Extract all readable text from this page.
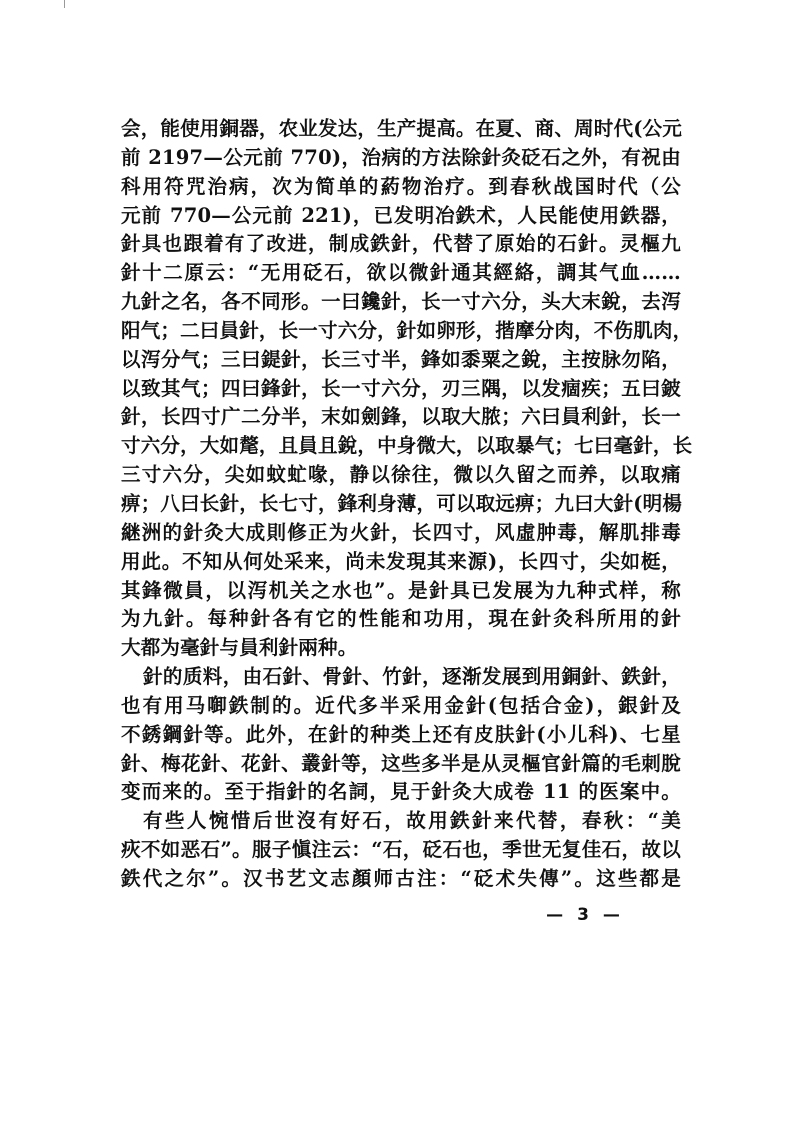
会，能使用銅器，农业发达，生产提高。在夏、商、周时代(公元
前 2197—公元前 770)，治病的方法除針灸砭石之外，有祝由
科用符咒治病，次为简单的葯物治疗。到春秋战国时代（公
元前 770—公元前 221)，已发明冶鉄术，人民能使用鉄器，
針具也跟着有了改进，制成鉄針，代替了原始的石針。灵樞九
針十二原云：“无用砭石，欲以微針通其經絡，調其气血……
九針之名，各不同形。一曰鑱針，长一寸六分，头大末銳，去泻
阳气；二曰員針，长一寸六分，針如卵形，揩摩分肉，不伤肌肉，
以泻分气；三曰鍉針，长三寸半，鋒如黍粟之銳，主按脉勿陷，
以致其气；四曰鋒針，长一寸六分，刃三隅，以发痼疾；五曰鈹
針，长四寸广二分半，末如劍鋒，以取大脓；六曰員利針，长一
寸六分，大如氂，且員且銳，中身微大，以取暴气；七曰毫針，长
三寸六分，尖如蚊虻喙，静以徐往，微以久留之而养，以取痛
痹；八曰长針，长七寸，鋒利身薄，可以取远痹；九曰大針(明楊
継洲的針灸大成則修正为火針，长四寸，风虛肿毒，解肌排毒
用此。不知从何处采来，尚未发現其来源)，长四寸，尖如梃，
其鋒微員，以泻机关之水也”。是針具已发展为九种式样，称
为九針。每种針各有它的性能和功用，現在針灸科所用的針
大都为毫針与員利針兩种。
針的质料，由石針、骨針、竹針，逐渐发展到用銅針、鉄針，
也有用马啣鉄制的。近代多半采用金針(包括合金)，銀針及
不銹鋼針等。此外，在針的种类上还有皮肤針(小儿科)、七星
針、梅花針、花針、叢針等，这些多半是从灵樞官針篇的毛刺脫
变而来的。至于指針的名詞，見于針灸大成卷 11 的医案中。
有些人惋惜后世沒有好石，故用鉄針来代替，春秋：“美
疢不如恶石”。服子愼注云：“石，砭石也，季世无复佳石，故以
鉄代之尔”。汉书艺文志顏师古注：“砭术失傳”。这些都是
— 3 —
